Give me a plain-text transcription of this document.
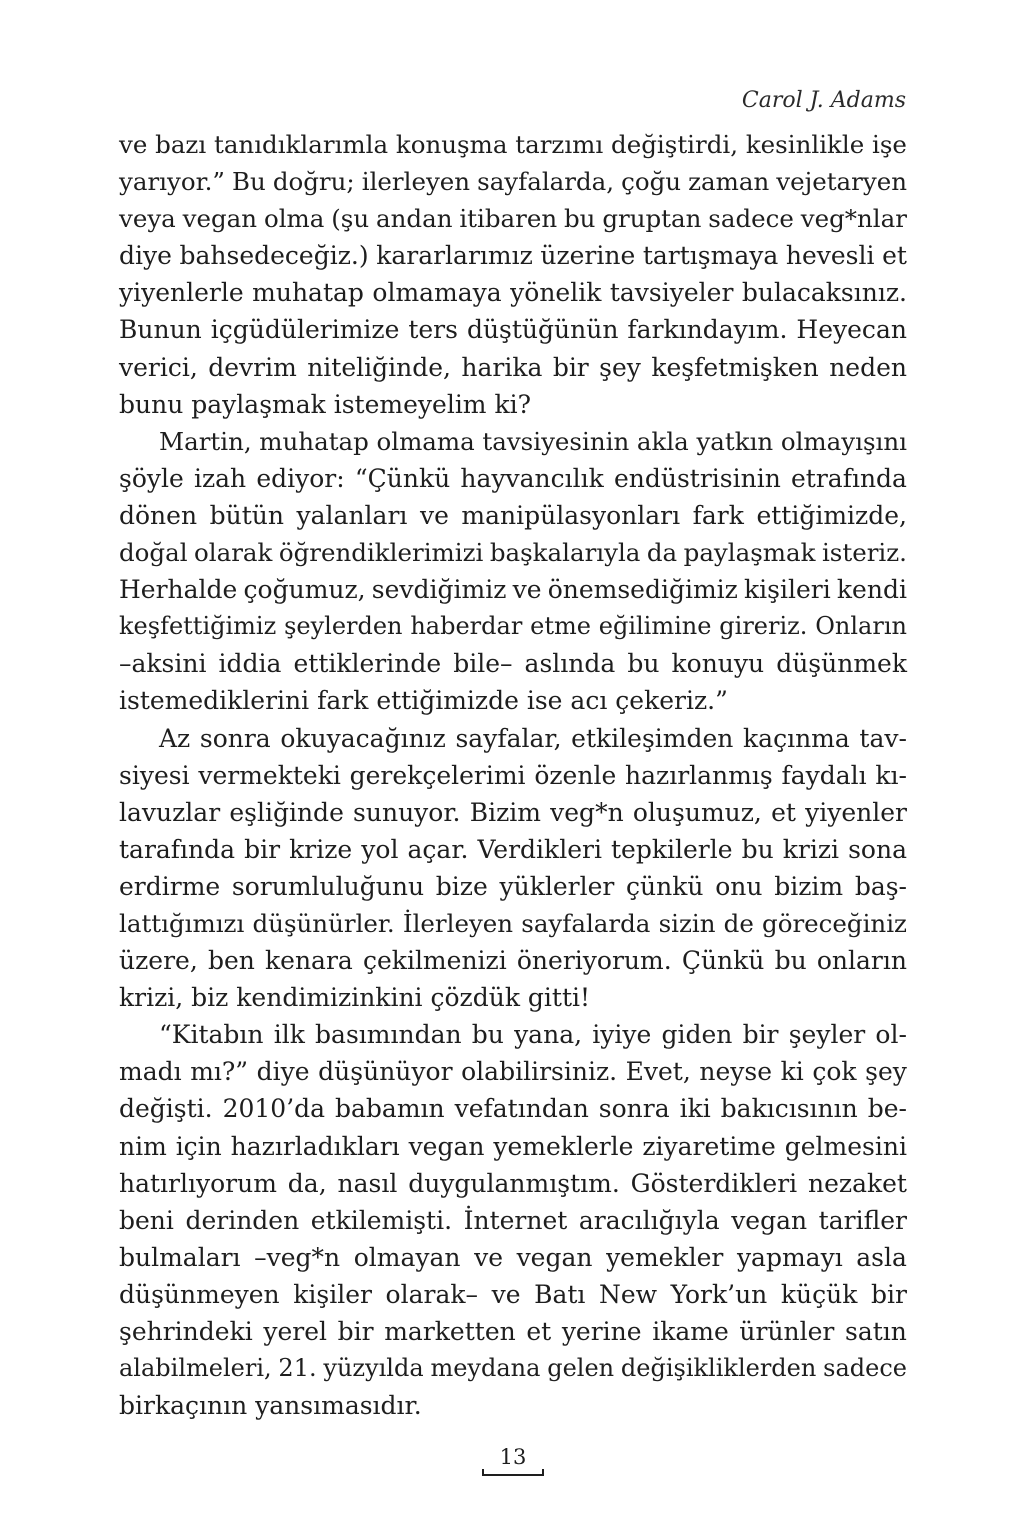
Carol J. Adams
ve bazı tanıdıklarımla konuşma tarzımı değiştirdi, kesinlikle işe
yarıyor.” Bu doğru; ilerleyen sayfalarda, çoğu zaman vejetaryen
veya vegan olma (şu andan itibaren bu gruptan sadece veg*nlar
diye bahsedeceğiz.) kararlarımız üzerine tartışmaya hevesli et
yiyenlerle muhatap olmamaya yönelik tavsiyeler bulacaksınız.
Bunun içgüdülerimize ters düştüğünün farkındayım. Heyecan
verici, devrim niteliğinde, harika bir şey keşfetmişken neden
bunu paylaşmak istemeyelim ki?
Martin, muhatap olmama tavsiyesinin akla yatkın olmayışını
şöyle izah ediyor: “Çünkü hayvancılık endüstrisinin etrafında
dönen bütün yalanları ve manipülasyonları fark ettiğimizde,
doğal olarak öğrendiklerimizi başkalarıyla da paylaşmak isteriz.
Herhalde çoğumuz, sevdiğimiz ve önemsediğimiz kişileri kendi
keşfettiğimiz şeylerden haberdar etme eğilimine gireriz. Onların
–aksini iddia ettiklerinde bile– aslında bu konuyu düşünmek
istemediklerini fark ettiğimizde ise acı çekeriz.”
Az sonra okuyacağınız sayfalar, etkileşimden kaçınma tav-
siyesi vermekteki gerekçelerimi özenle hazırlanmış faydalı kı-
lavuzlar eşliğinde sunuyor. Bizim veg*n oluşumuz, et yiyenler
tarafında bir krize yol açar. Verdikleri tepkilerle bu krizi sona
erdirme sorumluluğunu bize yüklerler çünkü onu bizim baş-
lattığımızı düşünürler. İlerleyen sayfalarda sizin de göreceğiniz
üzere, ben kenara çekilmenizi öneriyorum. Çünkü bu onların
krizi, biz kendimizinkini çözdük gitti!
“Kitabın ilk basımından bu yana, iyiye giden bir şeyler ol-
madı mı?” diye düşünüyor olabilirsiniz. Evet, neyse ki çok şey
değişti. 2010’da babamın vefatından sonra iki bakıcısının be-
nim için hazırladıkları vegan yemeklerle ziyaretime gelmesini
hatırlıyorum da, nasıl duygulanmıştım. Gösterdikleri nezaket
beni derinden etkilemişti. İnternet aracılığıyla vegan tarifler
bulmaları –veg*n olmayan ve vegan yemekler yapmayı asla
düşünmeyen kişiler olarak– ve Batı New York’un küçük bir
şehrindeki yerel bir marketten et yerine ikame ürünler satın
alabilmeleri, 21. yüzyılda meydana gelen değişikliklerden sadece
birkaçının yansımasıdır.
13
